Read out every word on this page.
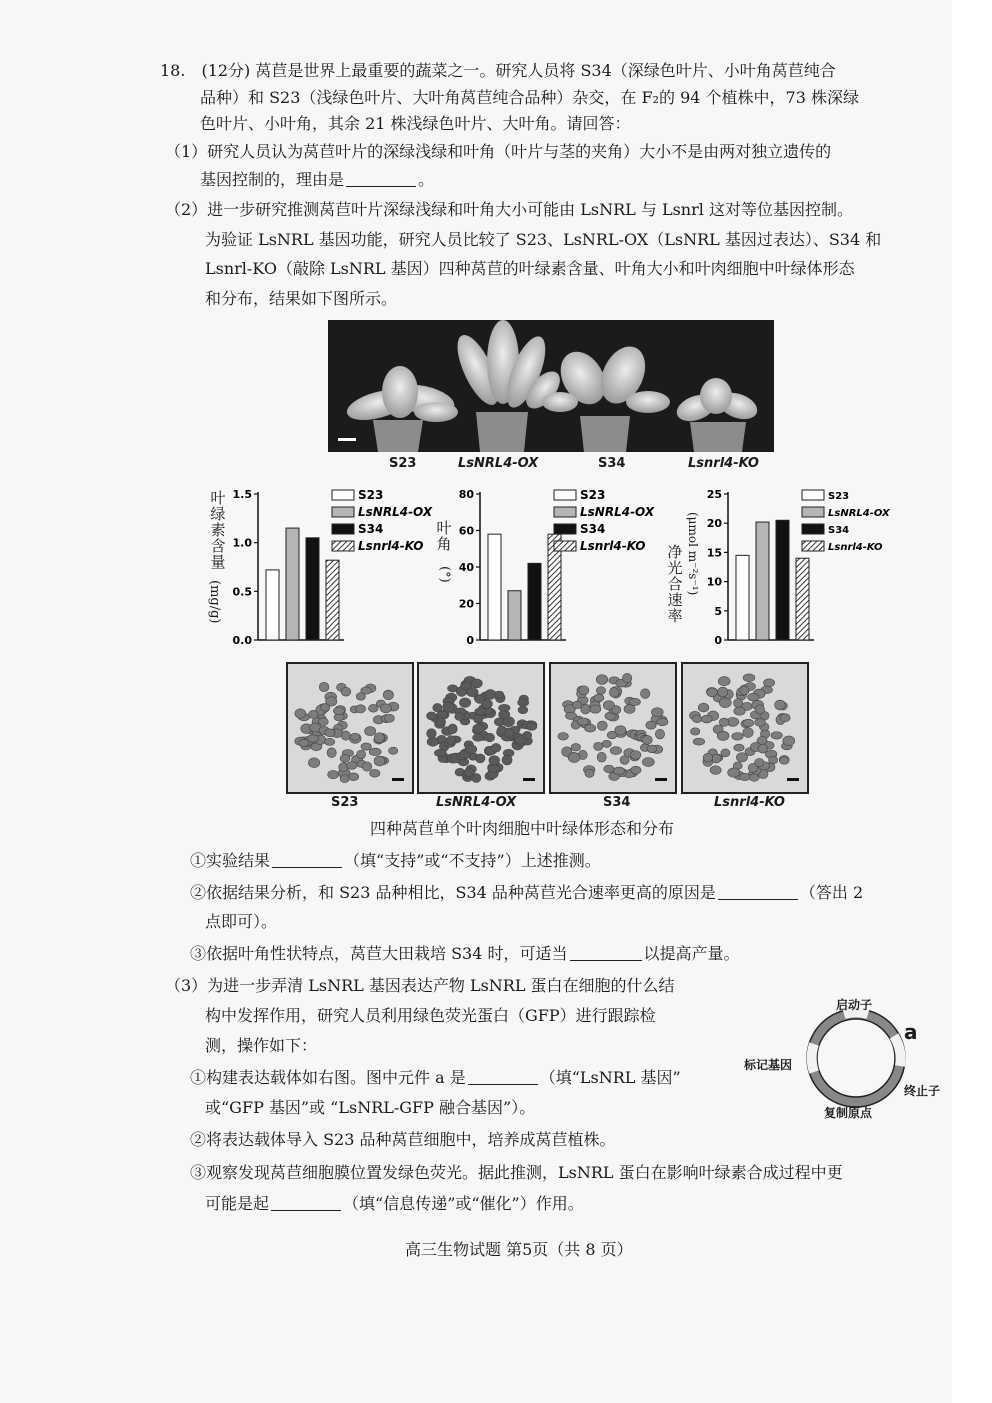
18.　(12分) 莴苣是世界上最重要的蔬菜之一。研究人员将 S34（深绿色叶片、小叶角莴苣纯合
品种）和 S23（浅绿色叶片、大叶角莴苣纯合品种）杂交，在 F₂的 94 个植株中，73 株深绿
色叶片、小叶角，其余 21 株浅绿色叶片、大叶角。请回答：
（1）研究人员认为莴苣叶片的深绿浅绿和叶角（叶片与茎的夹角）大小不是由两对独立遗传的
基因控制的，理由是	。
（2）进一步研究推测莴苣叶片深绿浅绿和叶角大小可能由 LsNRL 与 Lsnrl 这对等位基因控制。
为验证 LsNRL 基因功能，研究人员比较了 S23、LsNRL-OX（LsNRL 基因过表达）、S34 和
Lsnrl-KO（敲除 LsNRL 基因）四种莴苣的叶绿素含量、叶角大小和叶肉细胞中叶绿体形态
和分布，结果如下图所示。
S23	LsNRL4-OX	S34	Lsnrl4-KO
叶绿素含量
(mg/g)
0.0
0.5
1.0
1.5	S23
LsNRL4-OX
S34
Lsnrl4-KO
叶角
(°)
0
20
40
60
80	S23
LsNRL4-OX
S34
Lsnrl4-KO 净光合速率
(μmol m⁻²s⁻¹)
0
5
10
15
20
25	S23
LsNRL4-OX
S34
Lsnrl4-KO
S23	LsNRL4-OX	S34	Lsnrl4-KO
四种莴苣单个叶肉细胞中叶绿体形态和分布
①实验结果	（填“支持”或“不支持”）上述推测。
②依据结果分析，和 S23 品种相比，S34 品种莴苣光合速率更高的原因是	（答出 2
点即可）。
③依据叶角性状特点，莴苣大田栽培 S34 时，可适当	以提高产量。
（3）为进一步弄清 LsNRL 基因表达产物 LsNRL 蛋白在细胞的什么结
构中发挥作用，研究人员利用绿色荧光蛋白（GFP）进行跟踪检
测，操作如下：
①构建表达载体如右图。图中元件 a 是	（填“LsNRL 基因”
或“GFP 基因”或 “LsNRL-GFP 融合基因”）。
②将表达载体导入 S23 品种莴苣细胞中，培养成莴苣植株。
③观察发现莴苣细胞膜位置发绿色荧光。据此推测，LsNRL 蛋白在影响叶绿素合成过程中更
可能是起	（填“信息传递”或“催化”）作用。
启动子
a
标记基因
终止子
复制原点
高三生物试题 第5页（共 8 页）
